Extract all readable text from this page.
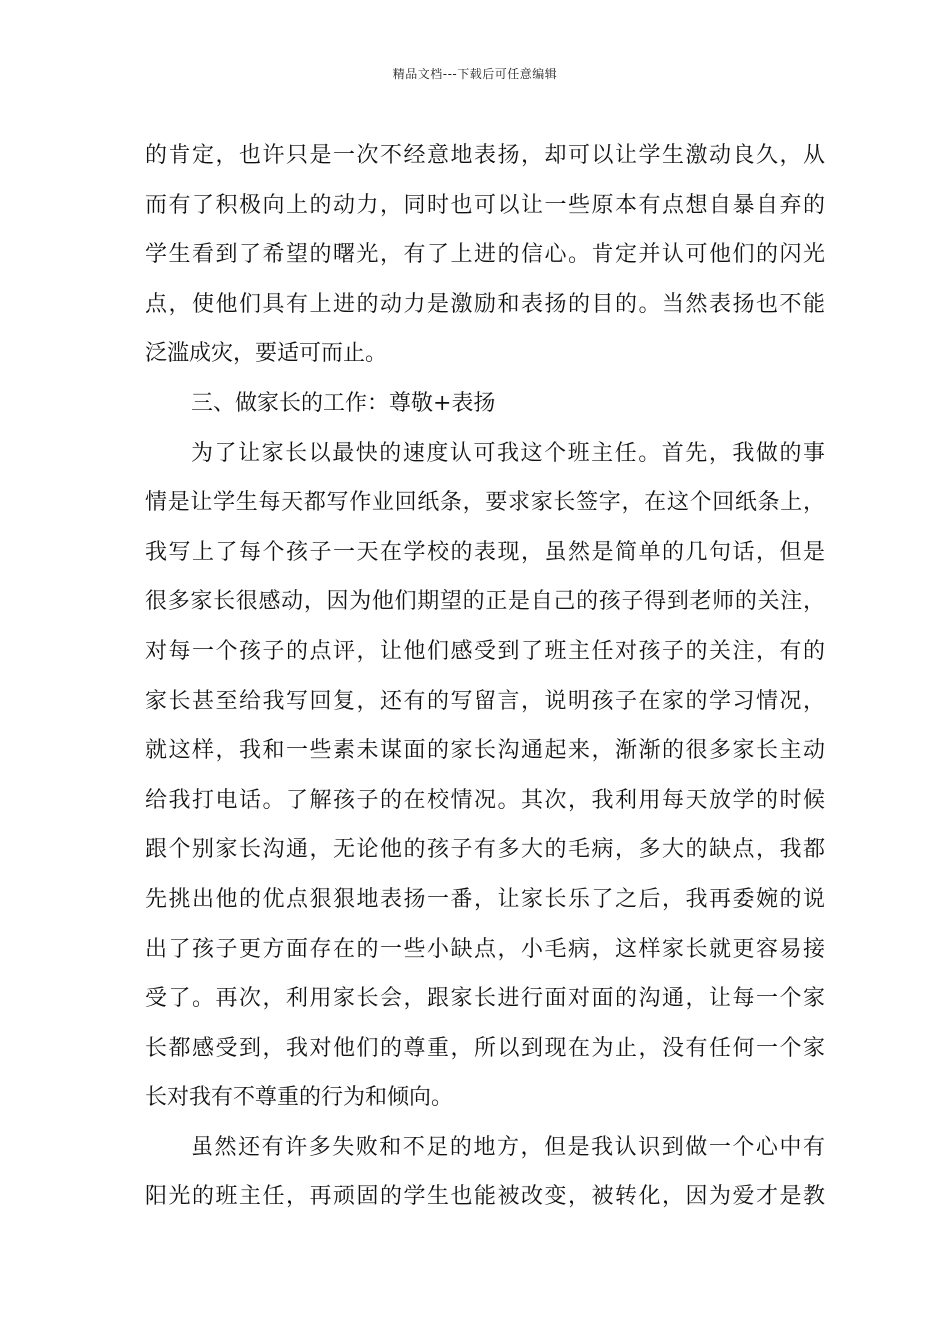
精品文档---下载后可任意编辑
的肯定，也许只是一次不经意地表扬，却可以让学生激动良久，从
而有了积极向上的动力，同时也可以让一些原本有点想自暴自弃的
学生看到了希望的曙光，有了上进的信心。肯定并认可他们的闪光
点，使他们具有上进的动力是激励和表扬的目的。当然表扬也不能
泛滥成灾，要适可而止。
三、做家长的工作：尊敬+表扬
为了让家长以最快的速度认可我这个班主任。首先，我做的事
情是让学生每天都写作业回纸条，要求家长签字，在这个回纸条上，
我写上了每个孩子一天在学校的表现，虽然是简单的几句话，但是
很多家长很感动，因为他们期望的正是自己的孩子得到老师的关注，
对每一个孩子的点评，让他们感受到了班主任对孩子的关注，有的
家长甚至给我写回复，还有的写留言，说明孩子在家的学习情况，
就这样，我和一些素未谋面的家长沟通起来，渐渐的很多家长主动
给我打电话。了解孩子的在校情况。其次，我利用每天放学的时候
跟个别家长沟通，无论他的孩子有多大的毛病，多大的缺点，我都
先挑出他的优点狠狠地表扬一番，让家长乐了之后，我再委婉的说
出了孩子更方面存在的一些小缺点，小毛病，这样家长就更容易接
受了。再次，利用家长会，跟家长进行面对面的沟通，让每一个家
长都感受到，我对他们的尊重，所以到现在为止，没有任何一个家
长对我有不尊重的行为和倾向。
虽然还有许多失败和不足的地方，但是我认识到做一个心中有
阳光的班主任，再顽固的学生也能被改变，被转化，因为爱才是教
